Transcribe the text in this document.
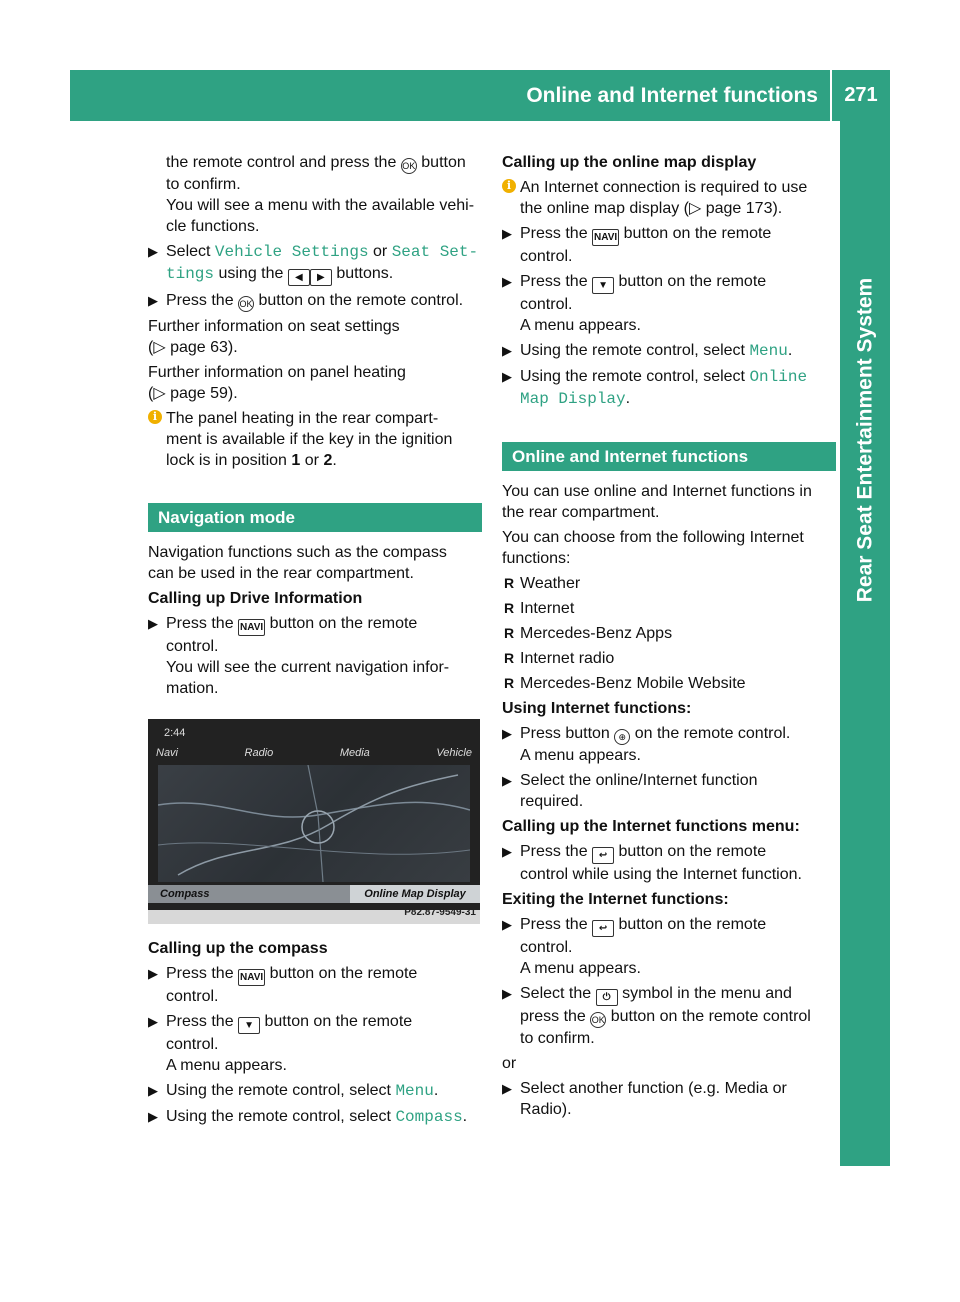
Online and Internet functions	271
Rear Seat Entertainment System

the remote control and press the OK button
to confirm.
You will see a menu with the available vehi-
cle functions.

▶ Select Vehicle Settings or Seat Set‐
tings using the ◀ ▶ buttons.
▶ Press the OK button on the remote control.

Further information on seat settings
(▷ page 63).

Further information on panel heating
(▷ page 59).

i The panel heating in the rear compart-
ment is available if the key in the ignition
lock is in position 1 or 2.
Navigation mode

Navigation functions such as the compass
can be used in the rear compartment.

Calling up Drive Information

▶ Press the NAVI button on the remote
control.
You will see the current navigation infor-
mation.
2:44
Navi	Radio	Media	Vehicle
Compass	Online Map Display
P82.87-9549-31

Calling up the compass

▶ Press the NAVI button on the remote
control.
▶ Press the ▼ button on the remote
control.
A menu appears.
▶ Using the remote control, select Menu.
▶ Using the remote control, select Compass.

Calling up the online map display

i An Internet connection is required to use
the online map display (▷ page 173).
▶ Press the NAVI button on the remote
control.
▶ Press the ▼ button on the remote
control.
A menu appears.
▶ Using the remote control, select Menu.
▶ Using the remote control, select Online
Map Display.
Online and Internet functions

You can use online and Internet functions in
the rear compartment.

You can choose from the following Internet
functions:

R Weather
R Internet
R Mercedes-Benz Apps
R Internet radio
R Mercedes-Benz Mobile Website

Using Internet functions:

▶ Press button ⊕ on the remote control.
A menu appears.
▶ Select the online/Internet function
required.

Calling up the Internet functions menu:

▶ Press the ↩ button on the remote
control while using the Internet function.

Exiting the Internet functions:

▶ Press the ↩ button on the remote
control.
A menu appears.
▶ Select the ⏻ symbol in the menu and
press the OK button on the remote control
to confirm.

or

▶ Select another function (e.g. Media or
Radio).
